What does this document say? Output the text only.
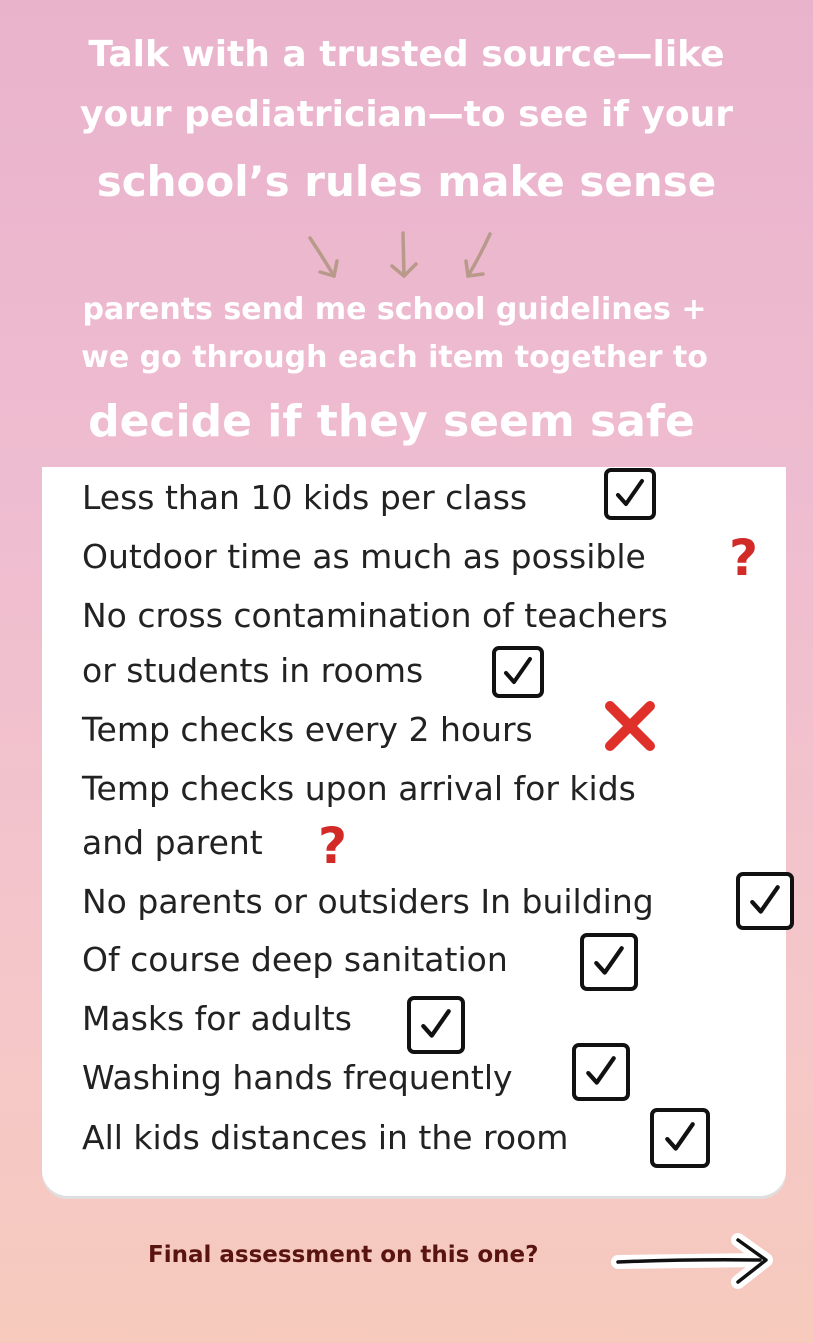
Talk with a trusted source—like
your pediatrician—to see if your
school’s rules make sense
parents send me school guidelines +
we go through each item together to
decide if they seem safe
Less than 10 kids per class
Outdoor time as much as possible ?
No cross contamination of teachers
or students in rooms
Temp checks every 2 hours
Temp checks upon arrival for kids
and parent ?
No parents or outsiders In building
Of course deep sanitation
Masks for adults
Washing hands frequently
All kids distances in the room
Final assessment on this one?
